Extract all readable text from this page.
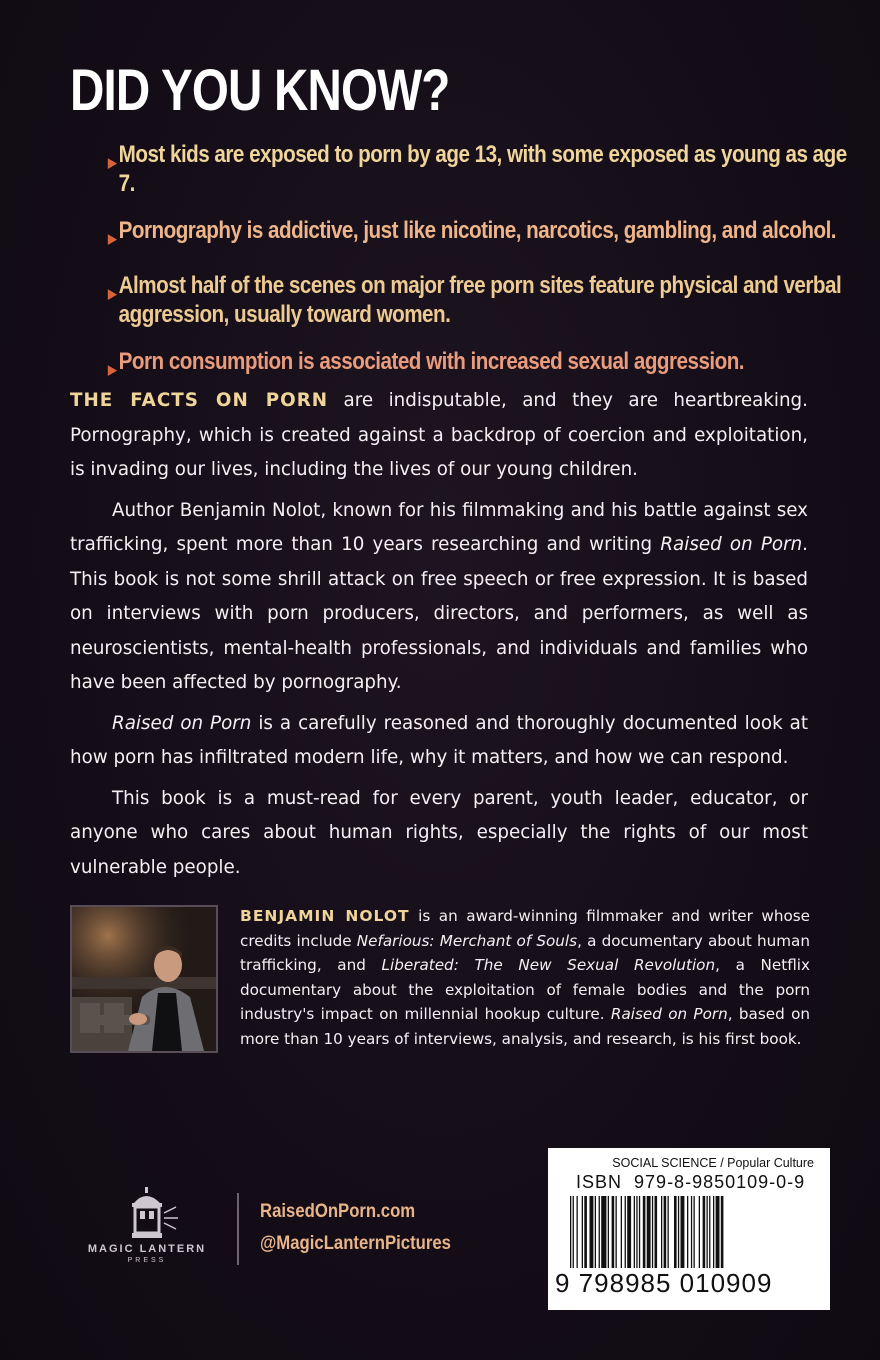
DID YOU KNOW?
▶ Most kids are exposed to porn by age 13, with some exposed as young as age 7.
▶ Pornography is addictive, just like nicotine, narcotics, gambling, and alcohol.
▶ Almost half of the scenes on major free porn sites feature physical and verbal aggression, usually toward women.
▶ Porn consumption is associated with increased sexual aggression.

THE FACTS ON PORN are indisputable, and they are heartbreaking. Pornography, which is created against a backdrop of coercion and exploitation, is invading our lives, including the lives of our young children.

Author Benjamin Nolot, known for his filmmaking and his battle against sex trafficking, spent more than 10 years researching and writing Raised on Porn. This book is not some shrill attack on free speech or free expression. It is based on interviews with porn producers, directors, and performers, as well as neuroscientists, mental-health professionals, and individuals and families who have been affected by pornography.

Raised on Porn is a carefully reasoned and thoroughly documented look at how porn has infiltrated modern life, why it matters, and how we can respond.

This book is a must-read for every parent, youth leader, educator, or anyone who cares about human rights, especially the rights of our most vulnerable people.

BENJAMIN NOLOT is an award-winning filmmaker and writer whose credits include Nefarious: Merchant of Souls, a documentary about human trafficking, and Liberated: The New Sexual Revolution, a Netflix documentary about the exploitation of female bodies and the porn industry's impact on millennial hookup culture. Raised on Porn, based on more than 10 years of interviews, analysis, and research, is his first book.
MAGIC LANTERN
PRESS
RaisedOnPorn.com
@MagicLanternPictures
SOCIAL SCIENCE / Popular Culture
ISBN 979-8-9850109-0-9
9 798985 010909
